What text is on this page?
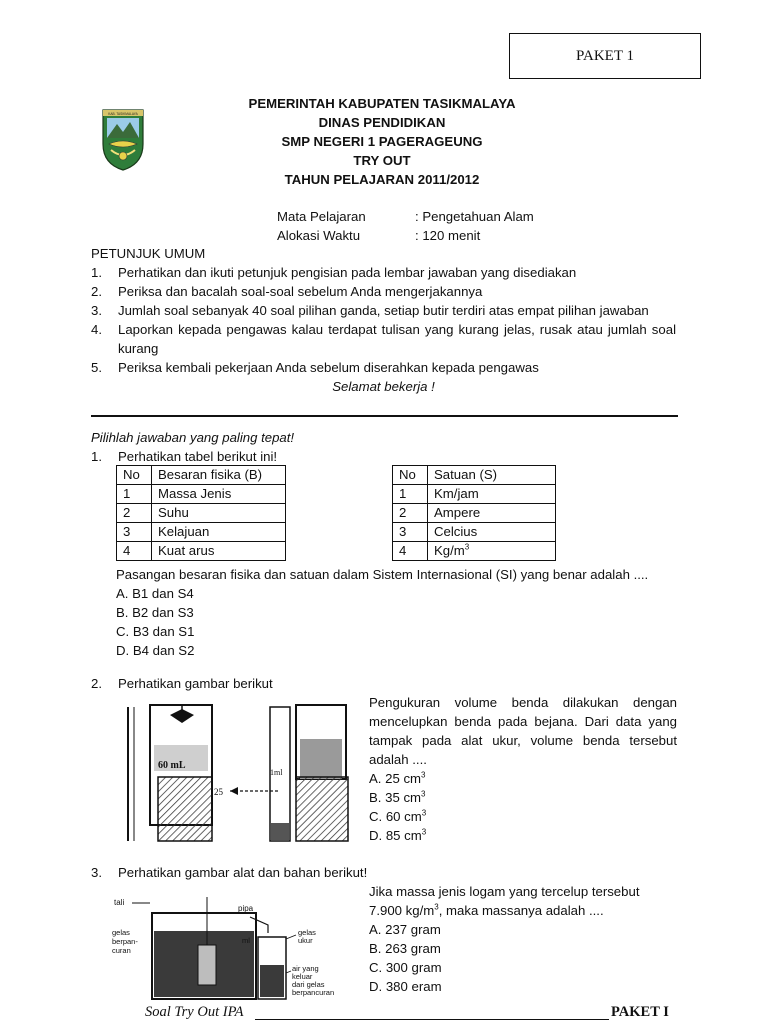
PAKET 1
KAB. TASIKMALAYA
PEMERINTAH KABUPATEN TASIKMALAYA
DINAS PENDIDIKAN
SMP NEGERI 1 PAGERAGEUNG
TRY OUT
TAHUN PELAJARAN 2011/2012
Mata Pelajaran	: Pengetahuan Alam
Alokasi Waktu	: 120 menit
PETUNJUK UMUM
1. Perhatikan dan ikuti petunjuk pengisian pada lembar jawaban yang disediakan
2. Periksa dan bacalah soal-soal sebelum Anda mengerjakannya
3. Jumlah soal sebanyak 40 soal pilihan ganda, setiap butir terdiri atas empat pilihan jawaban
4. Laporkan kepada pengawas kalau terdapat tulisan yang kurang jelas, rusak atau jumlah soal kurang
5. Periksa kembali pekerjaan Anda sebelum diserahkan kepada pengawas
Selamat bekerja !
Pilihlah jawaban yang paling tepat!
1. Perhatikan tabel berikut ini!
No	Besaran fisika (B)
1	Massa Jenis
2	Suhu
3	Kelajuan
4	Kuat arus
No	Satuan (S)
1	Km/jam
2	Ampere
3	Celcius
4	$Kg/m^3$
Pasangan besaran fisika dan satuan dalam Sistem Internasional (SI) yang benar adalah ....
A. B1 dan S4
B. B2 dan S3
C. B3 dan S1
D. B4 dan S2
2. Perhatikan gambar berikut
60 mL
25
1ml
Pengukuran volume benda dilakukan dengan mencelupkan benda pada bejana. Dari data yang tampak pada alat ukur, volume benda tersebut adalah ....
A. 25 $cm^3$
B. 35 $cm^3$
C. 60 $cm^3$
D. 85 $cm^3$
3. Perhatikan gambar alat dan bahan berikut!
tali
gelas
berpan-
curan
pipa
ml
gelas
ukur
air yang
keluar
dari gelas
berpancuran
Jika massa jenis logam yang tercelup tersebut
7.900 $kg/m^3$, maka massanya adalah ....
A. 237 gram
B. 263 gram
C. 300 gram
D. 380 eram
Soal Try Out IPA	PAKET I
